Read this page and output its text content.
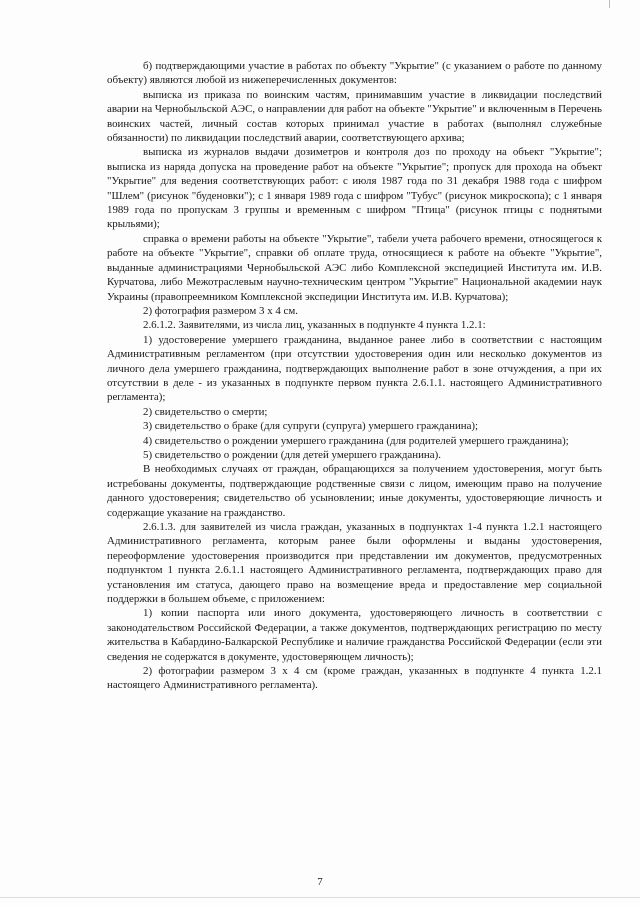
б) подтверждающими участие в работах по объекту "Укрытие" (с указанием о работе по данному объекту) являются любой из нижеперечисленных документов:

выписка из приказа по воинским частям, принимавшим участие в ликвидации последствий аварии на Чернобыльской АЭС, о направлении для работ на объекте "Укрытие" и включенным в Перечень воинских частей, личный состав которых принимал участие в работах (выполнял служебные обязанности) по ликвидации последствий аварии, соответствующего архива;

выписка из журналов выдачи дозиметров и контроля доз по проходу на объект "Укрытие"; выписка из наряда допуска на проведение работ на объекте "Укрытие"; пропуск для прохода на объект "Укрытие" для ведения соответствующих работ: с июля 1987 года по 31 декабря 1988 года с шифром "Шлем" (рисунок "буденовки"); с 1 января 1989 года с шифром "Тубус" (рисунок микроскопа); с 1 января 1989 года по пропускам 3 группы и временным с шифром "Птица" (рисунок птицы с поднятыми крыльями);

справка о времени работы на объекте "Укрытие", табели учета рабочего времени, относящегося к работе на объекте "Укрытие", справки об оплате труда, относящиеся к работе на объекте "Укрытие", выданные администрациями Чернобыльской АЭС либо Комплексной экспедицией Института им. И.В. Курчатова, либо Межотраслевым научно-техническим центром "Укрытие" Национальной академии наук Украины (правопреемником Комплексной экспедиции Института им. И.В. Курчатова);

2) фотография размером 3 х 4 см.

2.6.1.2. Заявителями, из числа лиц, указанных в подпункте 4 пункта 1.2.1:

1) удостоверение умершего гражданина, выданное ранее либо в соответствии с настоящим Административным регламентом (при отсутствии удостоверения один или несколько документов из личного дела умершего гражданина, подтверждающих выполнение работ в зоне отчуждения, а при их отсутствии в деле - из указанных в подпункте первом пункта 2.6.1.1. настоящего Административного регламента);

2) свидетельство о смерти;

3) свидетельство о браке (для супруги (супруга) умершего гражданина);

4) свидетельство о рождении умершего гражданина (для родителей умершего гражданина);

5) свидетельство о рождении (для детей умершего гражданина).

В необходимых случаях от граждан, обращающихся за получением удостоверения, могут быть истребованы документы, подтверждающие родственные связи с лицом, имеющим право на получение данного удостоверения; свидетельство об усыновлении; иные документы, удостоверяющие личность и содержащие указание на гражданство.

2.6.1.3. для заявителей из числа граждан, указанных в подпунктах 1-4 пункта 1.2.1 настоящего Административного регламента, которым ранее были оформлены и выданы удостоверения, переоформление удостоверения производится при представлении им документов, предусмотренных подпунктом 1 пункта 2.6.1.1 настоящего Административного регламента, подтверждающих право для установления им статуса, дающего право на возмещение вреда и предоставление мер социальной поддержки в большем объеме, с приложением:

1) копии паспорта или иного документа, удостоверяющего личность в соответствии с законодательством Российской Федерации, а также документов, подтверждающих регистрацию по месту жительства в Кабардино-Балкарской Республике и наличие гражданства Российской Федерации (если эти сведения не содержатся в документе, удостоверяющем личность);

2) фотографии размером 3 х 4 см (кроме граждан, указанных в подпункте 4 пункта 1.2.1 настоящего Административного регламента).

7
